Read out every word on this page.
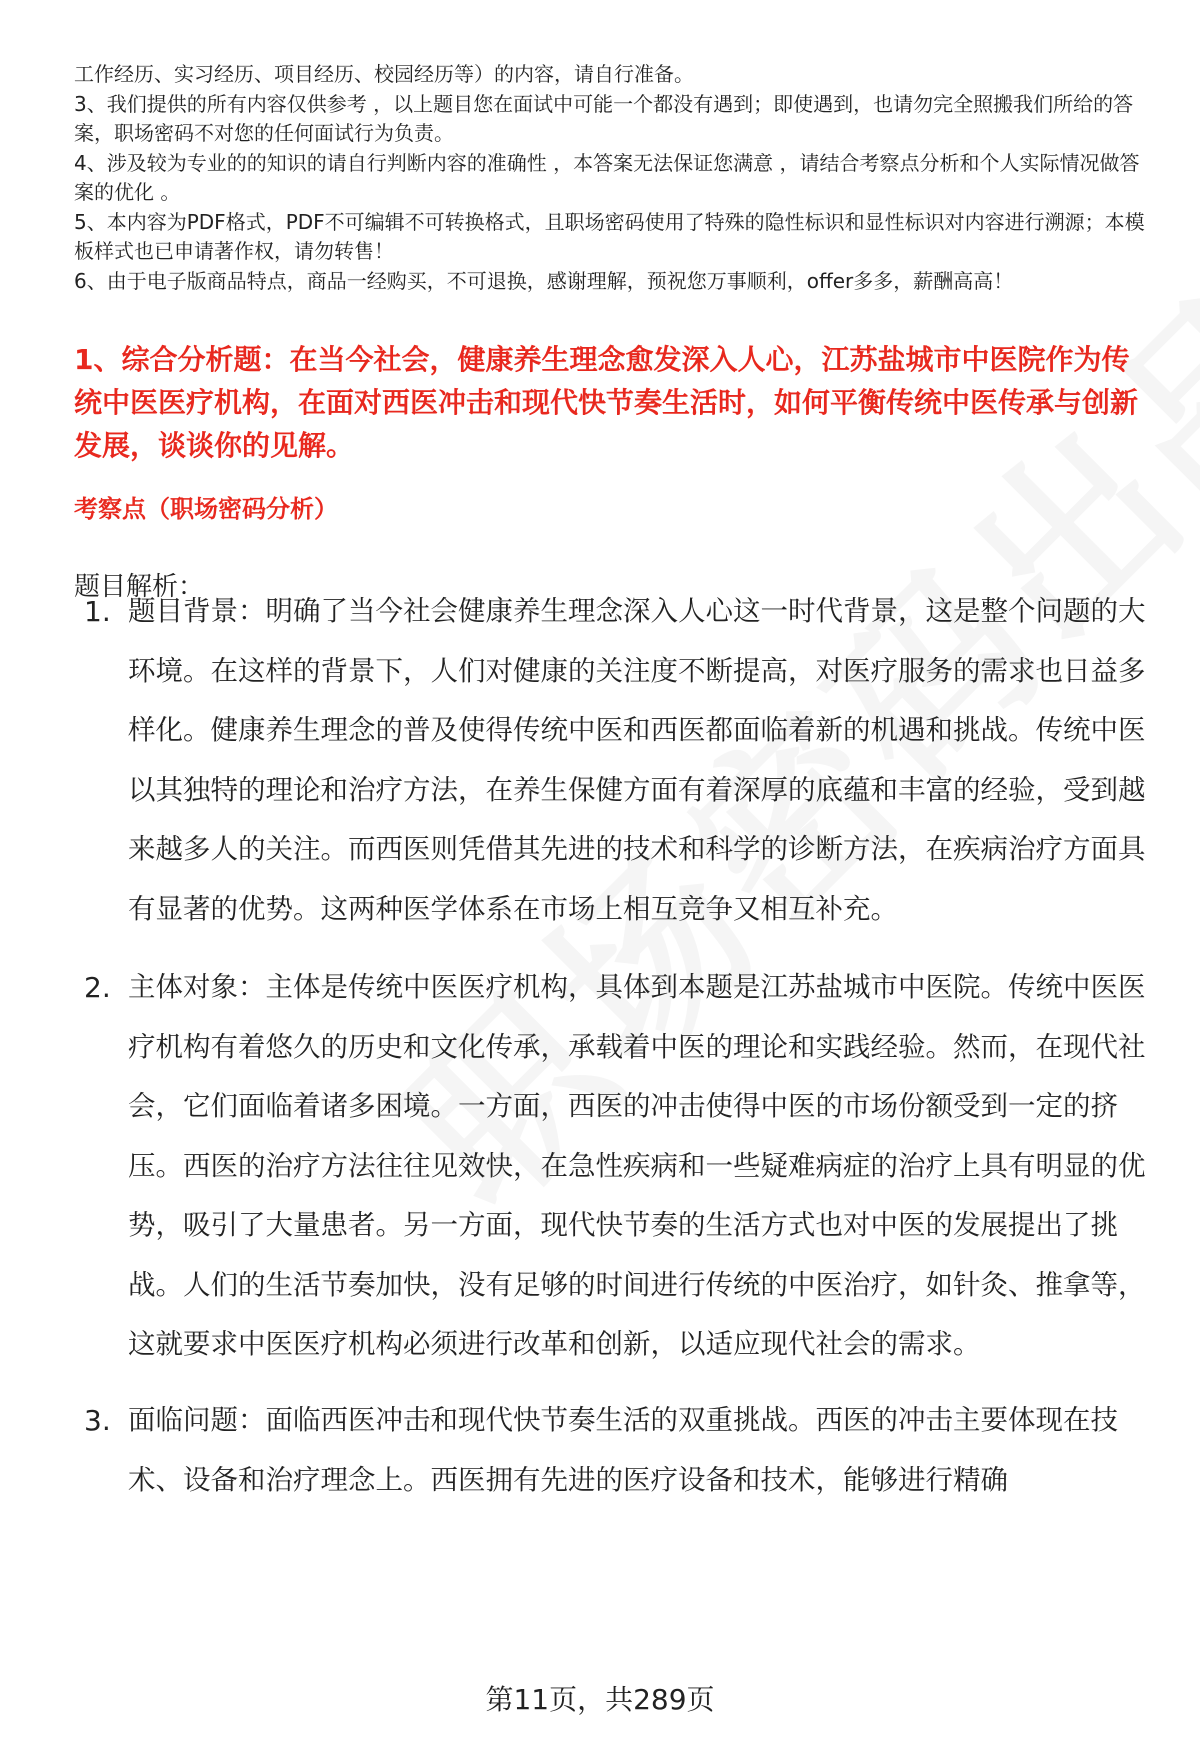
工作经历、实习经历、项目经历、校园经历等）的内容，请自行准备。

3、我们提供的所有内容仅供参考 ，以上题目您在面试中可能一个都没有遇到；即使遇到，也请勿完全照搬我们所给的答案，职场密码不对您的任何面试行为负责。

4、涉及较为专业的的知识的请自行判断内容的准确性 ，本答案无法保证您满意 ，请结合考察点分析和个人实际情况做答案的优化 。

5、本内容为PDF格式，PDF不可编辑不可转换格式，且职场密码使用了特殊的隐性标识和显性标识对内容进行溯源；本模板样式也已申请著作权，请勿转售！

6、由于电子版商品特点，商品一经购买，不可退换，感谢理解，预祝您万事顺利，offer多多，薪酬高高！

1、综合分析题：在当今社会，健康养生理念愈发深入人心，江苏盐城市中医院作为传统中医医疗机构，在面对西医冲击和现代快节奏生活时，如何平衡传统中医传承与创新发展，谈谈你的见解。

考察点（职场密码分析）

题目解析：

1. 题目背景：明确了当今社会健康养生理念深入人心这一时代背景，这是整个问题的大环境。在这样的背景下，人们对健康的关注度不断提高，对医疗服务的需求也日益多样化。健康养生理念的普及使得传统中医和西医都面临着新的机遇和挑战。传统中医以其独特的理论和治疗方法，在养生保健方面有着深厚的底蕴和丰富的经验，受到越来越多人的关注。而西医则凭借其先进的技术和科学的诊断方法，在疾病治疗方面具有显著的优势。这两种医学体系在市场上相互竞争又相互补充。

2. 主体对象：主体是传统中医医疗机构，具体到本题是江苏盐城市中医院。传统中医医疗机构有着悠久的历史和文化传承，承载着中医的理论和实践经验。然而，在现代社会，它们面临着诸多困境。一方面，西医的冲击使得中医的市场份额受到一定的挤压。西医的治疗方法往往见效快，在急性疾病和一些疑难病症的治疗上具有明显的优势，吸引了大量患者。另一方面，现代快节奏的生活方式也对中医的发展提出了挑战。人们的生活节奏加快，没有足够的时间进行传统的中医治疗，如针灸、推拿等，这就要求中医医疗机构必须进行改革和创新，以适应现代社会的需求。

3. 面临问题：面临西医冲击和现代快节奏生活的双重挑战。西医的冲击主要体现在技术、设备和治疗理念上。西医拥有先进的医疗设备和技术，能够进行精确

第11页，共289页
